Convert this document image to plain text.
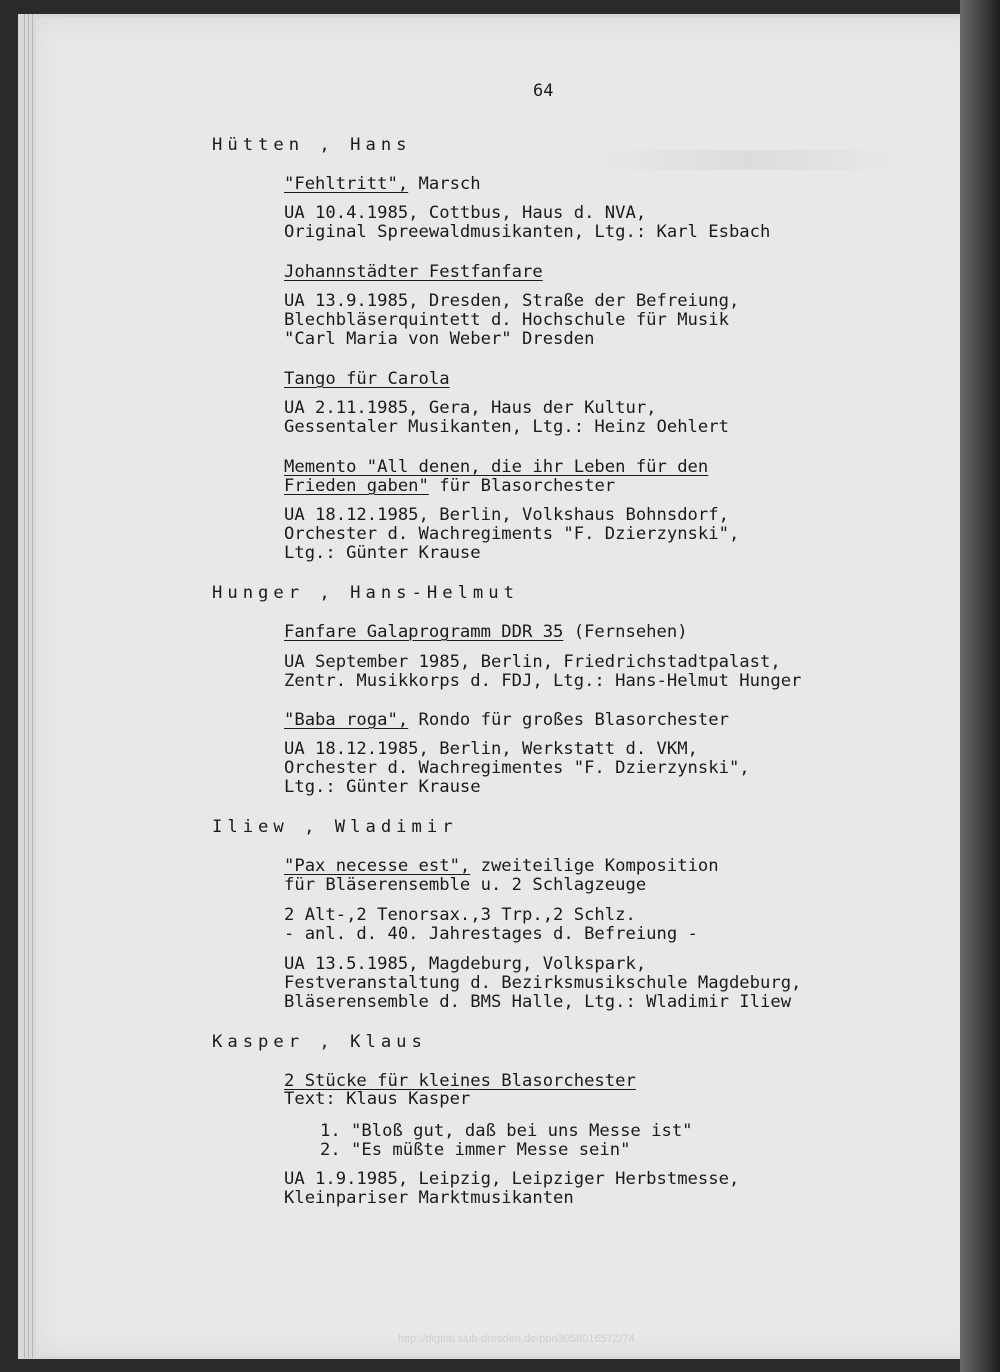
64
Hütten , Hans
"Fehltritt", Marsch
UA 10.4.1985, Cottbus, Haus d. NVA,
Original Spreewaldmusikanten, Ltg.: Karl Esbach
Johannstädter Festfanfare
UA 13.9.1985, Dresden, Straße der Befreiung,
Blechbläserquintett d. Hochschule für Musik
"Carl Maria von Weber" Dresden
Tango für Carola
UA 2.11.1985, Gera, Haus der Kultur,
Gessentaler Musikanten, Ltg.: Heinz Oehlert
Memento "All denen, die ihr Leben für den
Frieden gaben" für Blasorchester
UA 18.12.1985, Berlin, Volkshaus Bohnsdorf,
Orchester d. Wachregiments "F. Dzierzynski",
Ltg.: Günter Krause
Hunger , Hans-Helmut
Fanfare Galaprogramm DDR 35 (Fernsehen)
UA September 1985, Berlin, Friedrichstadtpalast,
Zentr. Musikkorps d. FDJ, Ltg.: Hans-Helmut Hunger
"Baba roga", Rondo für großes Blasorchester
UA 18.12.1985, Berlin, Werkstatt d. VKM,
Orchester d. Wachregimentes "F. Dzierzynski",
Ltg.: Günter Krause
Iliew , Wladimir
"Pax necesse est", zweiteilige Komposition
für Bläserensemble u. 2 Schlagzeuge
2 Alt-,2 Tenorsax.,3 Trp.,2 Schlz.
- anl. d. 40. Jahrestages d. Befreiung -
UA 13.5.1985, Magdeburg, Volkspark,
Festveranstaltung d. Bezirksmusikschule Magdeburg,
Bläserensemble d. BMS Halle, Ltg.: Wladimir Iliew
Kasper , Klaus
2 Stücke für kleines Blasorchester
Text: Klaus Kasper
1. "Bloß gut, daß bei uns Messe ist"
2. "Es müßte immer Messe sein"
UA 1.9.1985, Leipzig, Leipziger Herbstmesse,
Kleinpariser Marktmusikanten
http://digital.slub-dresden.de/ppn305801657Z/74
